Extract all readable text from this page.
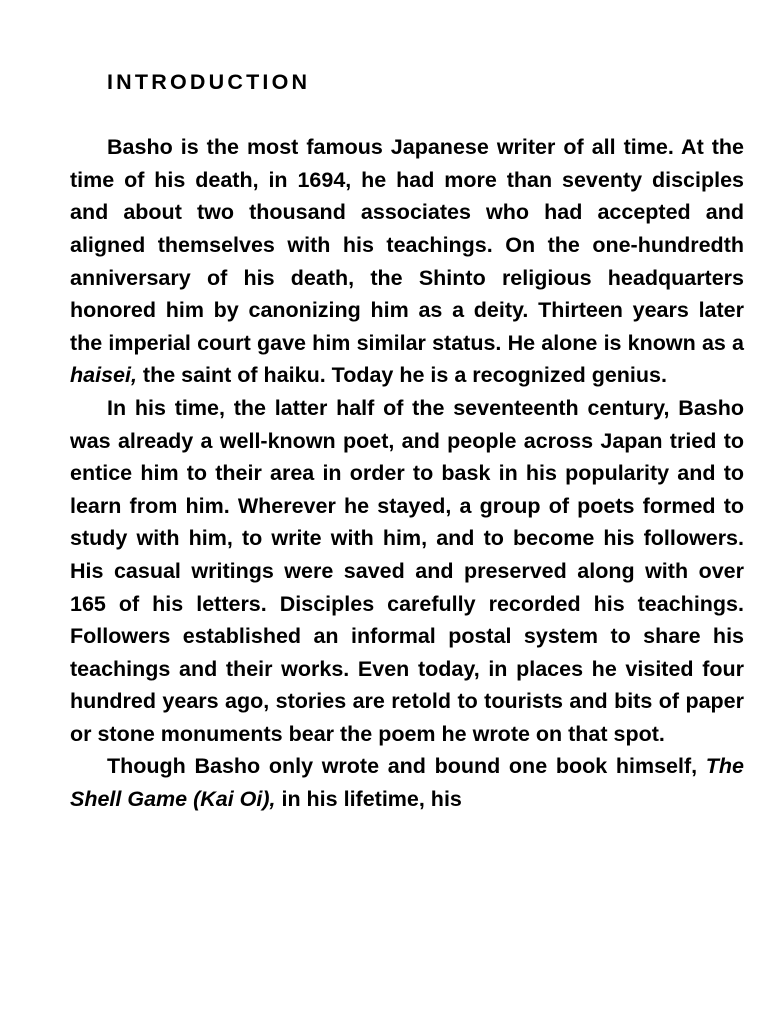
INTRODUCTION

Basho is the most famous Japanese writer of all time. At the time of his death, in 1694, he had more than seventy disciples and about two thousand associates who had accepted and aligned themselves with his teachings. On the one-hundredth anniversary of his death, the Shinto religious headquarters honored him by canonizing him as a deity. Thirteen years later the imperial court gave him similar status. He alone is known as a haisei, the saint of haiku. Today he is a recognized genius.

In his time, the latter half of the seventeenth century, Basho was already a well-known poet, and people across Japan tried to entice him to their area in order to bask in his popularity and to learn from him. Wherever he stayed, a group of poets formed to study with him, to write with him, and to become his followers. His casual writings were saved and preserved along with over 165 of his letters. Disciples carefully recorded his teachings. Followers established an informal postal system to share his teachings and their works. Even today, in places he visited four hundred years ago, stories are retold to tourists and bits of paper or stone monuments bear the poem he wrote on that spot.

Though Basho only wrote and bound one book himself, The Shell Game (Kai Oi), in his lifetime, his
